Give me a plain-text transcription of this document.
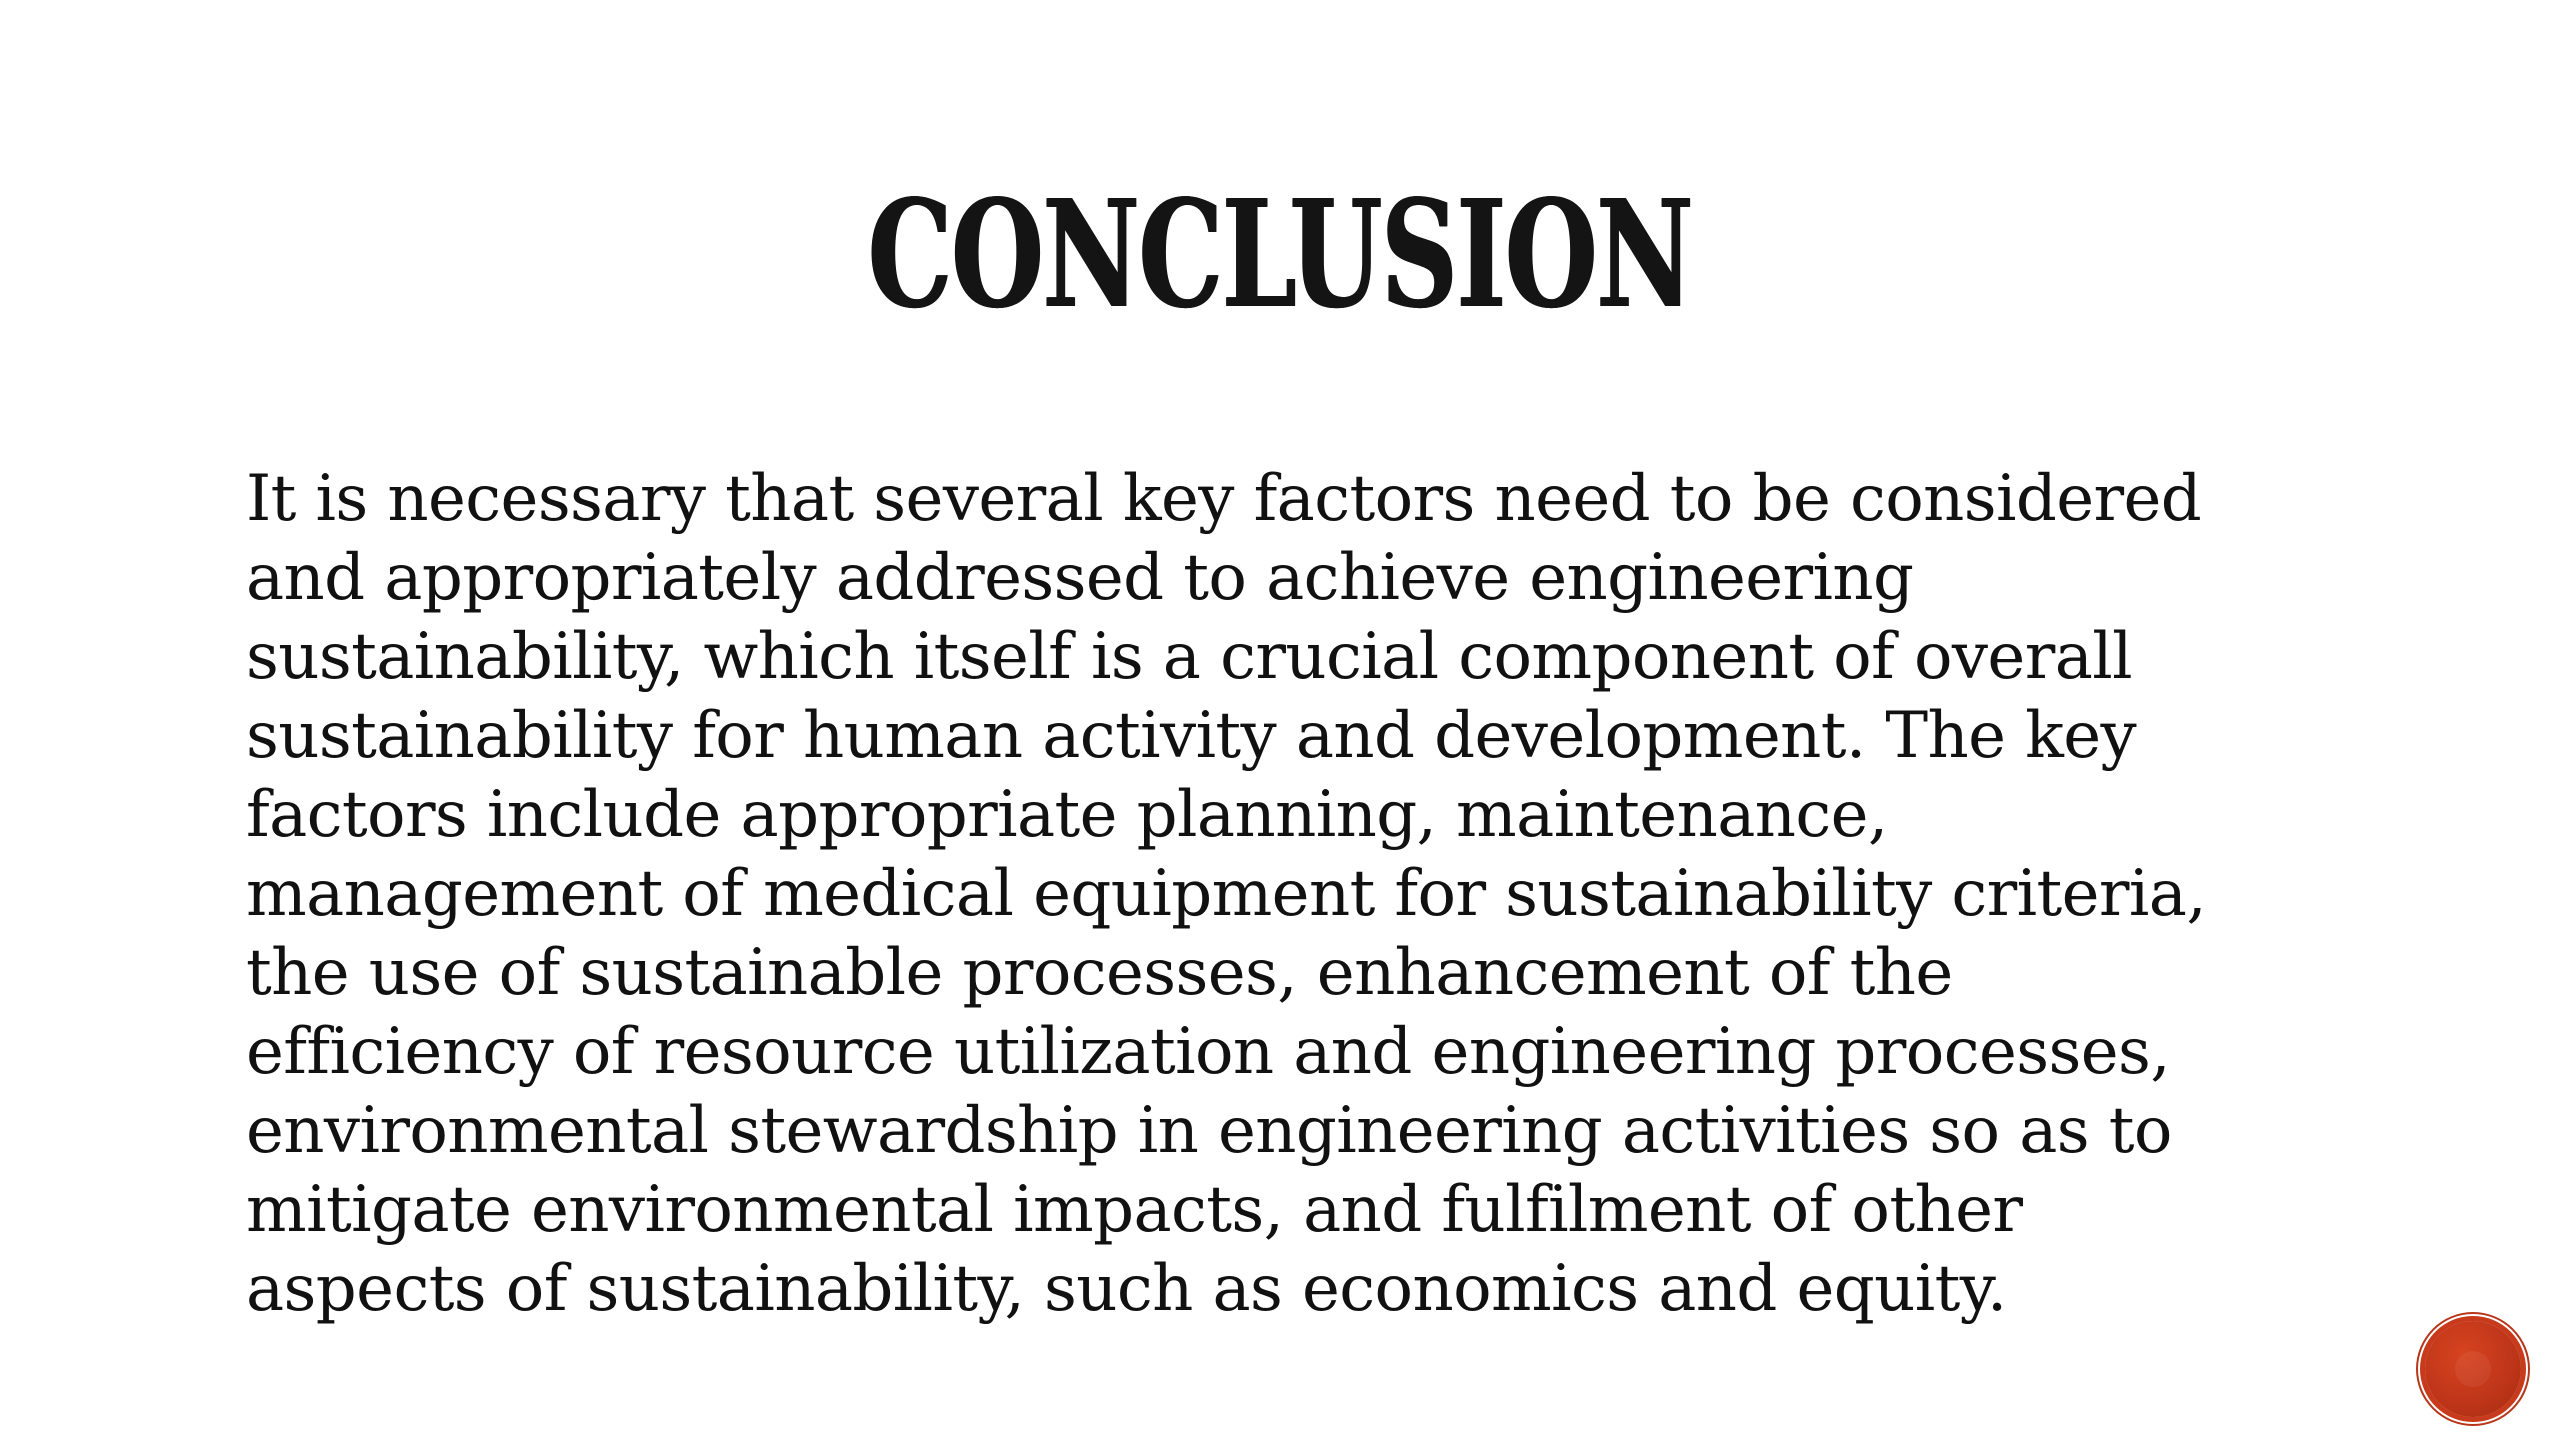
CONCLUSION

It is necessary that several key factors need to be considered
and appropriately addressed to achieve engineering
sustainability, which itself is a crucial component of overall
sustainability for human activity and development. The key
factors include appropriate planning, maintenance,
management of medical equipment for sustainability criteria,
the use of sustainable processes, enhancement of the
efficiency of resource utilization and engineering processes,
environmental stewardship in engineering activities so as to
mitigate environmental impacts, and fulfilment of other
aspects of sustainability, such as economics and equity.
